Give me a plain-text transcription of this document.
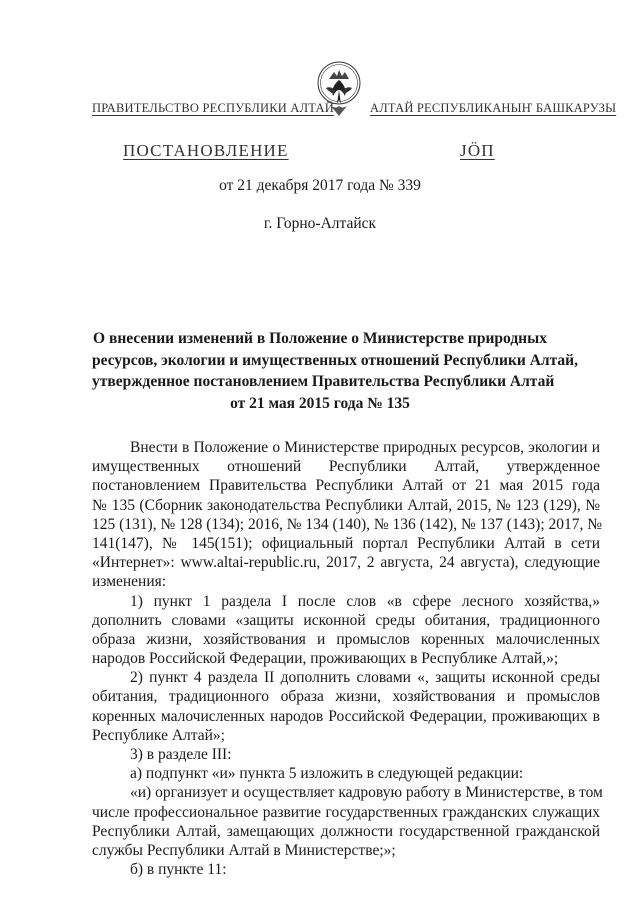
ПРАВИТЕЛЬСТВО РЕСПУБЛИКИ АЛТАЙ	АЛТАЙ РЕСПУБЛИКАНЫҤ БАШКАРУЗЫ
ПОСТАНОВЛЕНИЕ	JÖП
от 21 декабря 2017 года № 339
г. Горно-Алтайск
О внесении изменений в Положение о Министерстве природных
ресурсов, экологии и имущественных отношений Республики Алтай,
утвержденное постановлением Правительства Республики Алтай
от 21 мая 2015 года № 135
Внести в Положение о Министерстве природных ресурсов, экологии и
имущественных отношений Республики Алтай, утвержденное
постановлением Правительства Республики Алтай от 21 мая 2015 года
№ 135 (Сборник законодательства Республики Алтай, 2015, № 123 (129), №
125 (131), № 128 (134); 2016, № 134 (140), № 136 (142), № 137 (143); 2017, №
141(147), № 145(151); официальный портал Республики Алтай в сети
«Интернет»: www.altai-republic.ru, 2017, 2 августа, 24 августа), следующие
изменения:
1) пункт 1 раздела I после слов «в сфере лесного хозяйства,»
дополнить словами «защиты исконной среды обитания, традиционного
образа жизни, хозяйствования и промыслов коренных малочисленных
народов Российской Федерации, проживающих в Республике Алтай,»;
2) пункт 4 раздела II дополнить словами «, защиты исконной среды
обитания, традиционного образа жизни, хозяйствования и промыслов
коренных малочисленных народов Российской Федерации, проживающих в
Республике Алтай»;
3) в разделе III:
а) подпункт «и» пункта 5 изложить в следующей редакции:
«и) организует и осуществляет кадровую работу в Министерстве, в том
числе профессиональное развитие государственных гражданских служащих
Республики Алтай, замещающих должности государственной гражданской
службы Республики Алтай в Министерстве;»;
б) в пункте 11:
